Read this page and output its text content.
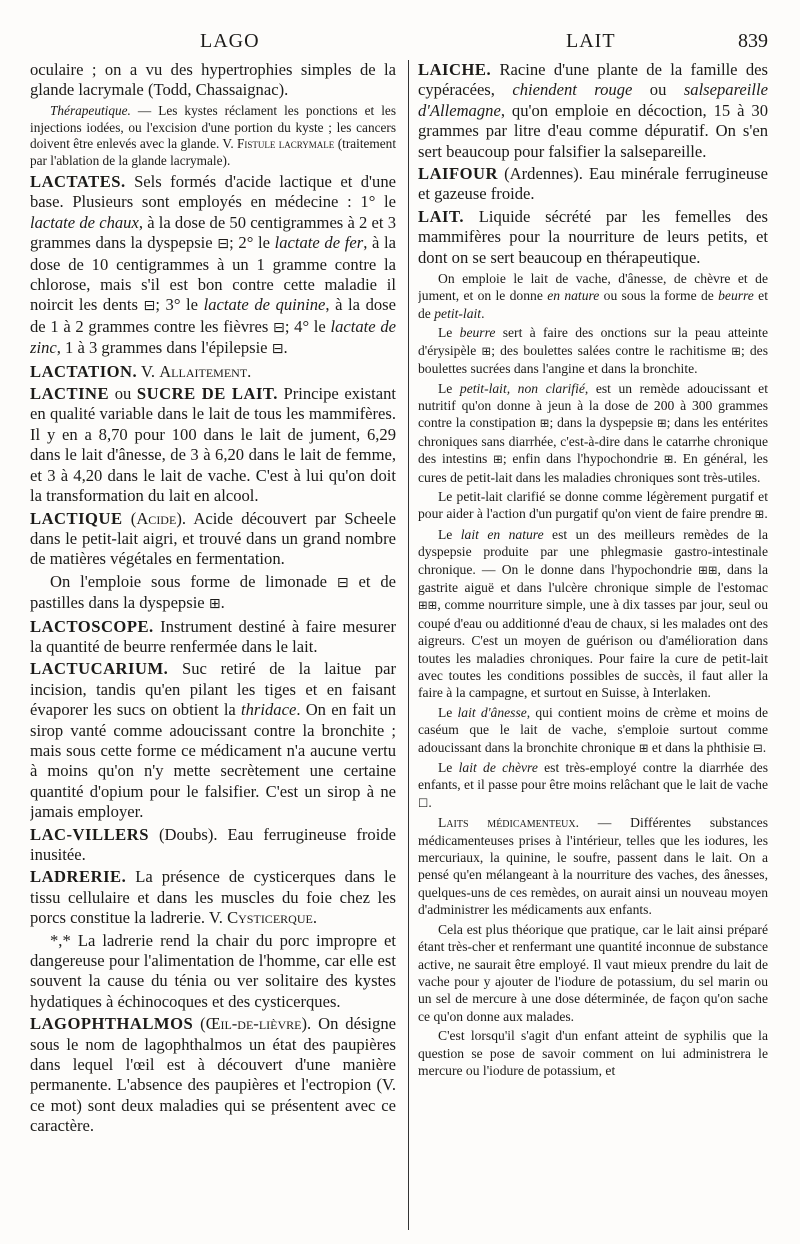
LAGO	LAIT	839

oculaire ; on a vu des hypertrophies simples de la glande lacrymale (Todd, Chassaignac).

Thérapeutique. — Les kystes réclament les ponctions et les injections iodées, ou l'excision d'une portion du kyste ; les cancers doivent être enlevés avec la glande. V. Fistule lacrymale (traitement par l'ablation de la glande lacrymale).

LACTATES. Sels formés d'acide lactique et d'une base. Plusieurs sont employés en médecine : 1° le lactate de chaux, à la dose de 50 centigrammes à 2 et 3 grammes dans la dyspepsie ⊟; 2° le lactate de fer, à la dose de 10 centigrammes à un 1 gramme contre la chlorose, mais s'il est bon contre cette maladie il noircit les dents ⊟; 3° le lactate de quinine, à la dose de 1 à 2 grammes contre les fièvres ⊟; 4° le lactate de zinc, 1 à 3 grammes dans l'épilepsie ⊟.

LACTATION. V. Allaitement.

LACTINE ou SUCRE DE LAIT. Principe existant en qualité variable dans le lait de tous les mammifères. Il y en a 8,70 pour 100 dans le lait de jument, 6,29 dans le lait d'ânesse, de 3 à 6,20 dans le lait de femme, et 3 à 4,20 dans le lait de vache. C'est à lui qu'on doit la transformation du lait en alcool.

LACTIQUE (Acide). Acide découvert par Scheele dans le petit-lait aigri, et trouvé dans un grand nombre de matières végétales en fermentation.

On l'emploie sous forme de limonade ⊟ et de pastilles dans la dyspepsie ⊞.

LACTOSCOPE. Instrument destiné à faire mesurer la quantité de beurre renfermée dans le lait.

LACTUCARIUM. Suc retiré de la laitue par incision, tandis qu'en pilant les tiges et en faisant évaporer les sucs on obtient la thridace. On en fait un sirop vanté comme adoucissant contre la bronchite ; mais sous cette forme ce médicament n'a aucune vertu à moins qu'on n'y mette secrètement une certaine quantité d'opium pour le falsifier. C'est un sirop à ne jamais employer.

LAC-VILLERS (Doubs). Eau ferrugineuse froide inusitée.

LADRERIE. La présence de cysticerques dans le tissu cellulaire et dans les muscles du foie chez les porcs constitue la ladrerie. V. Cysticerque.

*,* La ladrerie rend la chair du porc impropre et dangereuse pour l'alimentation de l'homme, car elle est souvent la cause du ténia ou ver solitaire des kystes hydatiques à échinocoques et des cysticerques.

LAGOPHTHALMOS (Œil-de-lièvre). On désigne sous le nom de lagophthalmos un état des paupières dans lequel l'œil est à découvert d'une manière permanente. L'absence des paupières et l'ectropion (V. ce mot) sont deux maladies qui se présentent avec ce caractère.

LAICHE. Racine d'une plante de la famille des cypéracées, chiendent rouge ou salsepareille d'Allemagne, qu'on emploie en décoction, 15 à 30 grammes par litre d'eau comme dépuratif. On s'en sert beaucoup pour falsifier la salsepareille.

LAIFOUR (Ardennes). Eau minérale ferrugineuse et gazeuse froide.

LAIT. Liquide sécrété par les femelles des mammifères pour la nourriture de leurs petits, et dont on se sert beaucoup en thérapeutique.

On emploie le lait de vache, d'ânesse, de chèvre et de jument, et on le donne en nature ou sous la forme de beurre et de petit-lait.

Le beurre sert à faire des onctions sur la peau atteinte d'érysipèle ⊞; des boulettes salées contre le rachitisme ⊞; des boulettes sucrées dans l'angine et dans la bronchite.

Le petit-lait, non clarifié, est un remède adoucissant et nutritif qu'on donne à jeun à la dose de 200 à 300 grammes contre la constipation ⊞; dans la dyspepsie ⊞; dans les entérites chroniques sans diarrhée, c'est-à-dire dans le catarrhe chronique des intestins ⊞; enfin dans l'hypochondrie ⊞. En général, les cures de petit-lait dans les maladies chroniques sont très-utiles.

Le petit-lait clarifié se donne comme légèrement purgatif et pour aider à l'action d'un purgatif qu'on vient de faire prendre ⊞.

Le lait en nature est un des meilleurs remèdes de la dyspepsie produite par une phlegmasie gastro-intestinale chronique. — On le donne dans l'hypochondrie ⊞⊞, dans la gastrite aiguë et dans l'ulcère chronique simple de l'estomac ⊞⊞, comme nourriture simple, une à dix tasses par jour, seul ou coupé d'eau ou additionné d'eau de chaux, si les malades ont des aigreurs. C'est un moyen de guérison ou d'amélioration dans toutes les maladies chroniques. Pour faire la cure de petit-lait avec toutes les conditions possibles de succès, il faut aller la faire à la campagne, et surtout en Suisse, à Interlaken.

Le lait d'ânesse, qui contient moins de crème et moins de caséum que le lait de vache, s'emploie surtout comme adoucissant dans la bronchite chronique ⊞ et dans la phthisie ⊟.

Le lait de chèvre est très-employé contre la diarrhée des enfants, et il passe pour être moins relâchant que le lait de vache ☐.

Laits médicamenteux. — Différentes substances médicamenteuses prises à l'intérieur, telles que les iodures, les mercuriaux, la quinine, le soufre, passent dans le lait. On a pensé qu'en mélangeant à la nourriture des vaches, des ânesses, quelques-uns de ces remèdes, on aurait ainsi un nouveau moyen d'administrer les médicaments aux enfants.

Cela est plus théorique que pratique, car le lait ainsi préparé étant très-cher et renfermant une quantité inconnue de substance active, ne saurait être employé. Il vaut mieux prendre du lait de vache pour y ajouter de l'iodure de potassium, du sel marin ou un sel de mercure à une dose déterminée, de façon qu'on sache ce qu'on donne aux malades.

C'est lorsqu'il s'agit d'un enfant atteint de syphilis que la question se pose de savoir comment on lui administrera le mercure ou l'iodure de potassium, et
